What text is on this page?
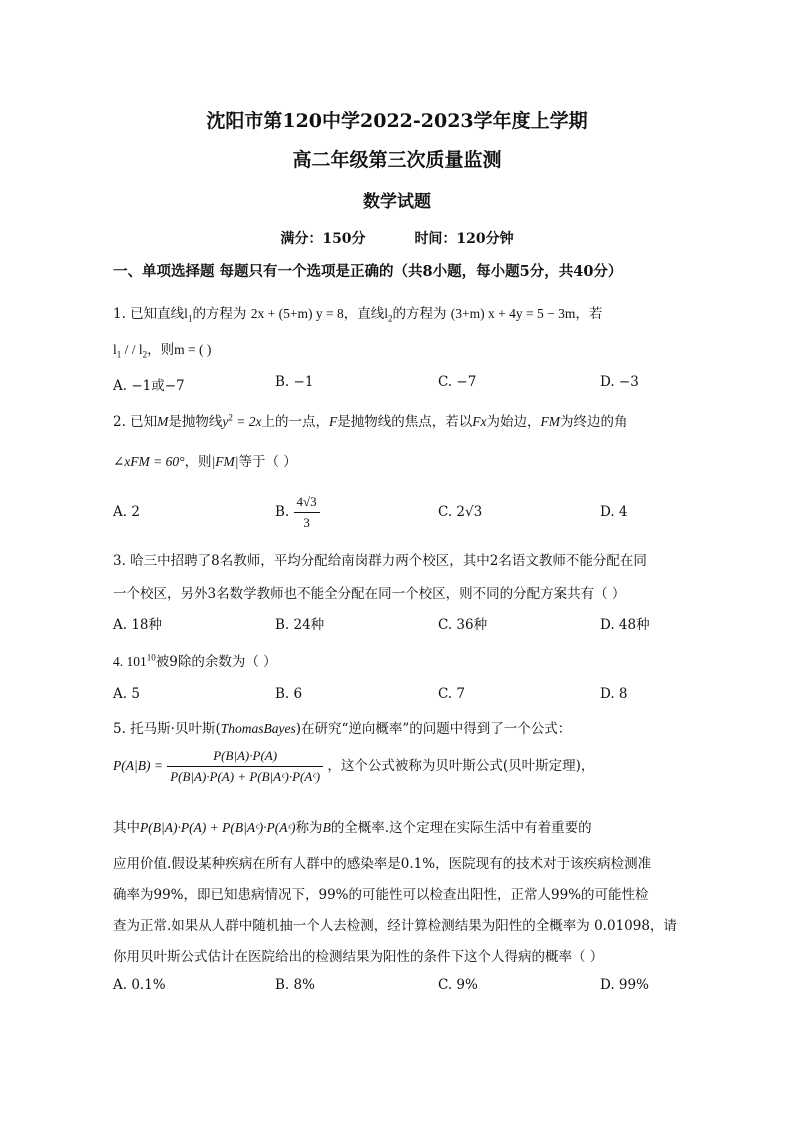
沈阳市第120中学2022-2023学年度上学期
高二年级第三次质量监测
数学试题
满分：150分	时间：120分钟
一、单项选择题 每题只有一个选项是正确的（共8小题，每小题5分，共40分）
1. 已知直线$l_1$的方程为 2x + (5+m) y = 8，直线$l_2$的方程为 (3+m) x + 4y = 5 − 3m，若
$l_1$ / / $l_2$，则m = ( )
A. −1或−7	B. −1	C. −7	D. −3
2. 已知M是抛物线$y^2 = 2x$上的一点，F是抛物线的焦点，若以Fx为始边，FM为终边的角
∠xFM = 60°，则|FM|等于（ ）
A. 2	B. $\frac{4√3}{3}$	C. 2√3	D. 4
3. 哈三中招聘了8名教师，平均分配给南岗群力两个校区，其中2名语文教师不能分配在同
一个校区，另外3名数学教师也不能全分配在同一个校区，则不同的分配方案共有（ ）
A. 18种	B. 24种	C. 36种	D. 48种
4. $101^{10}$被9除的余数为（ ）
A. 5	B. 6	C. 7	D. 8
5. 托马斯·贝叶斯(ThomasBayes)在研究“逆向概率”的问题中得到了一个公式：
$P(A|B) = \frac{P(B|A)\cdot P(A)}{\text{P(B|A)·P(A) + P(B|Aᶜ)·P(Aᶜ)}}$ ，这个公式被称为贝叶斯公式(贝叶斯定理)，
其中P(B|A)·P(A) + P(B|Aᶜ)·P(Aᶜ)称为B的全概率.这个定理在实际生活中有着重要的
应用价值.假设某种疾病在所有人群中的感染率是0.1%，医院现有的技术对于该疾病检测准
确率为99%，即已知患病情况下，99%的可能性可以检查出阳性，正常人99%的可能性检
查为正常.如果从人群中随机抽一个人去检测，经计算检测结果为阳性的全概率为 0.01098，请
你用贝叶斯公式估计在医院给出的检测结果为阳性的条件下这个人得病的概率（ ）
A. 0.1%	B. 8%	C. 9%	D. 99%
